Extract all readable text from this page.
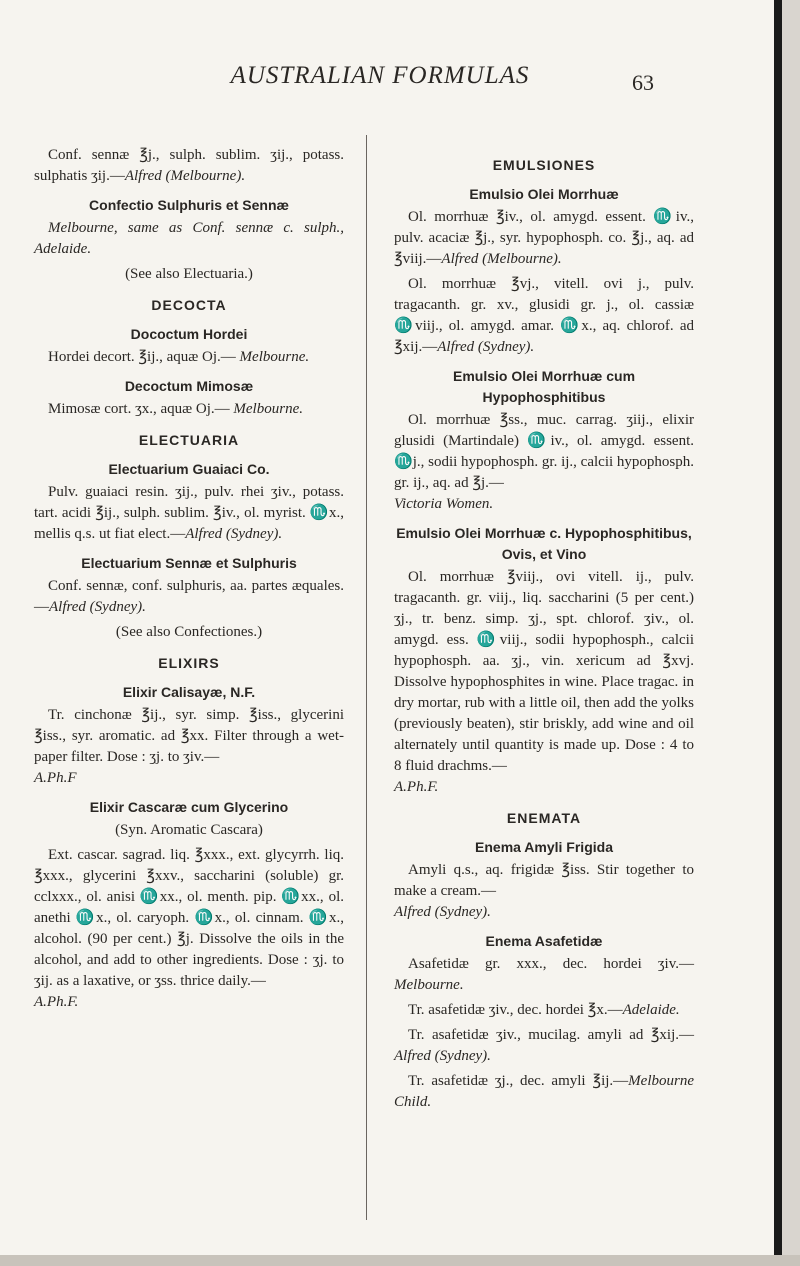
AUSTRALIAN FORMULAS	63

Conf. sennæ ℥j., sulph. sublim. ʒij., potass. sulphatis ʒij.—Alfred (Melbourne).

Confectio Sulphuris et Sennæ

Melbourne, same as Conf. sennæ c. sulph., Adelaide.

(See also Electuaria.)

DECOCTA
Dococtum Hordei

Hordei decort. ℥ij., aquæ Oj.— Melbourne.

Decoctum Mimosæ

Mimosæ cort. ʒx., aquæ Oj.— Melbourne.

ELECTUARIA
Electuarium Guaiaci Co.

Pulv. guaiaci resin. ʒij., pulv. rhei ʒiv., potass. tart. acidi ℥ij., sulph. sublim. ℥iv., ol. myrist. ♏x., mellis q.s. ut fiat elect.—Alfred (Sydney).

Electuarium Sennæ et Sulphuris

Conf. sennæ, conf. sulphuris, aa. partes æquales.—Alfred (Sydney).

(See also Confectiones.)

ELIXIRS
Elixir Calisayæ, N.F.

Tr. cinchonæ ℥ij., syr. simp. ℥iss., glycerini ℥iss., syr. aromatic. ad ℥xx. Filter through a wet-paper filter. Dose : ʒj. to ʒiv.—
A.Ph.F

Elixir Cascaræ cum Glycerino

(Syn. Aromatic Cascara)

Ext. cascar. sagrad. liq. ℥xxx., ext. glycyrrh. liq. ℥xxx., glycerini ℥xxv., saccharini (soluble) gr. cclxxx., ol. anisi ♏xx., ol. menth. pip. ♏xx., ol. anethi ♏x., ol. caryoph. ♏x., ol. cinnam. ♏x., alcohol. (90 per cent.) ℥j. Dissolve the oils in the alcohol, and add to other ingredients. Dose : ʒj. to ʒij. as a laxative, or ʒss. thrice daily.—
A.Ph.F.

EMULSIONES
Emulsio Olei Morrhuæ

Ol. morrhuæ ℥iv., ol. amygd. essent. ♏iv., pulv. acaciæ ℥j., syr. hypophosph. co. ℥j., aq. ad ℥viij.—Alfred (Melbourne).

Ol. morrhuæ ℥vj., vitell. ovi j., pulv. tragacanth. gr. xv., glusidi gr. j., ol. cassiæ ♏viij., ol. amygd. amar. ♏x., aq. chlorof. ad ℥xij.—Alfred (Sydney).

Emulsio Olei Morrhuæ cum Hypophosphitibus

Ol. morrhuæ ℥ss., muc. carrag. ʒiij., elixir glusidi (Martindale) ♏iv., ol. amygd. essent. ♏j., sodii hypophosph. gr. ij., calcii hypophosph. gr. ij., aq. ad ℥j.—
Victoria Women.

Emulsio Olei Morrhuæ c. Hypophosphitibus, Ovis, et Vino

Ol. morrhuæ ℥viij., ovi vitell. ij., pulv. tragacanth. gr. viij., liq. saccharini (5 per cent.) ʒj., tr. benz. simp. ʒj., spt. chlorof. ʒiv., ol. amygd. ess. ♏viij., sodii hypophosph., calcii hypophosph. aa. ʒj., vin. xericum ad ℥xvj. Dissolve hypophosphites in wine. Place tragac. in dry mortar, rub with a little oil, then add the yolks (previously beaten), stir briskly, add wine and oil alternately until quantity is made up. Dose : 4 to 8 fluid drachms.—
A.Ph.F.

ENEMATA
Enema Amyli Frigida

Amyli q.s., aq. frigidæ ℥iss. Stir together to make a cream.—
Alfred (Sydney).

Enema Asafetidæ

Asafetidæ gr. xxx., dec. hordei ʒiv.—Melbourne.

Tr. asafetidæ ʒiv., dec. hordei ℥x.—Adelaide.

Tr. asafetidæ ʒiv., mucilag. amyli ad ℥xij.—Alfred (Sydney).

Tr. asafetidæ ʒj., dec. amyli ℥ij.—Melbourne Child.
